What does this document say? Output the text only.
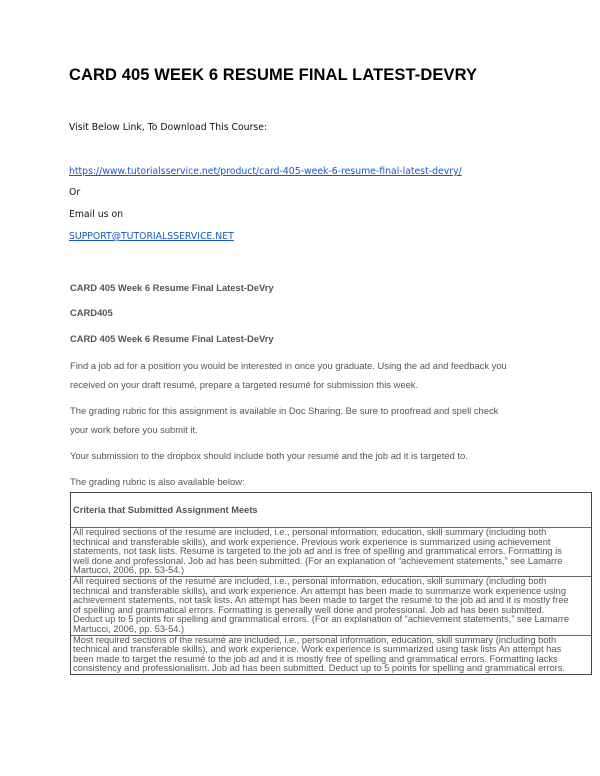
CARD 405 WEEK 6 RESUME FINAL LATEST-DEVRY

Visit Below Link, To Download This Course:

https://www.tutorialsservice.net/product/card-405-week-6-resume-final-latest-devry/

Or

Email us on

SUPPORT@TUTORIALSSERVICE.NET

CARD 405 Week 6 Resume Final Latest-DeVry

CARD405

CARD 405 Week 6 Resume Final Latest-DeVry

Find a job ad for a position you would be interested in once you graduate. Using the ad and feedback you

received on your draft resumé, prepare a targeted resumé for submission this week.

The grading rubric for this assignment is available in Doc Sharing. Be sure to proofread and spell check

your work before you submit it.

Your submission to the dropbox should include both your resumé and the job ad it is targeted to.

The grading rubric is also available below:

Criteria that Submitted Assignment Meets
All required sections of the resumé are included, i.e., personal information, education, skill summary (including both
technical and transferable skills), and work experience. Previous work experience is summarized using achievement
statements, not task lists. Resumé is targeted to the job ad and is free of spelling and grammatical errors. Formatting is
well done and professional. Job ad has been submitted. (For an explanation of “achievement statements,” see Lamarre
Martucci, 2006, pp. 53-54.)
All required sections of the resumé are included, i.e., personal information, education, skill summary (including both
technical and transferable skills), and work experience. An attempt has been made to summarize work experience using
achievement statements, not task lists. An attempt has been made to target the resumé to the job ad and it is mostly free
of spelling and grammatical errors. Formatting is generally well done and professional. Job ad has been submitted.
Deduct up to 5 points for spelling and grammatical errors. (For an explanation of “achievement statements,” see Lamarre
Martucci, 2006, pp. 53-54.)
Most required sections of the resumé are included, i.e., personal information, education, skill summary (including both
technical and transferable skills), and work experience. Work experience is summarized using task lists An attempt has
been made to target the resumé to the job ad and it is mostly free of spelling and grammatical errors. Formatting lacks
consistency and professionalism. Job ad has been submitted. Deduct up to 5 points for spelling and grammatical errors.
